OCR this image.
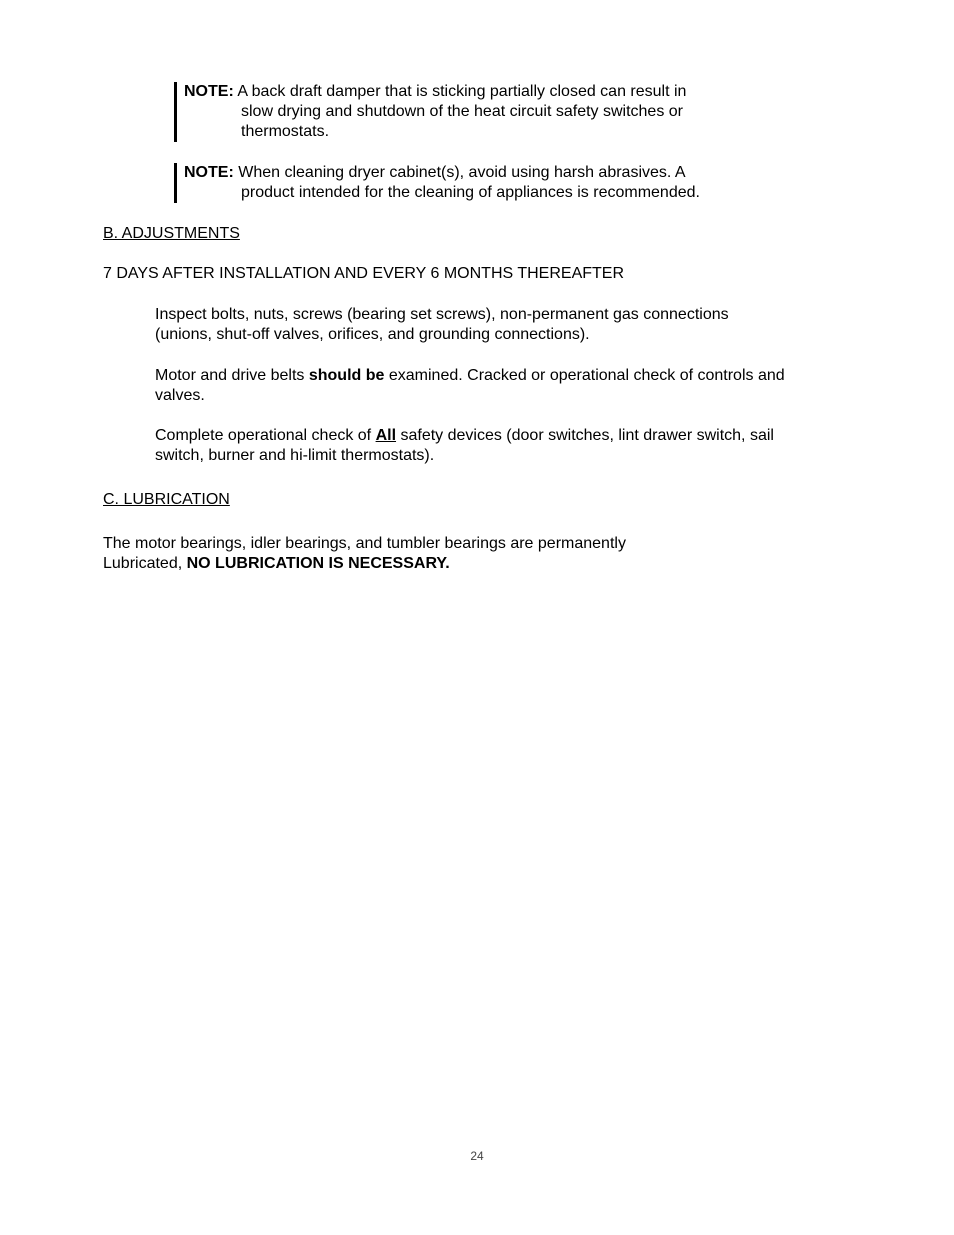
NOTE: A back draft damper that is sticking partially closed can result in
slow drying and shutdown of the heat circuit safety switches or
thermostats.
NOTE: When cleaning dryer cabinet(s), avoid using harsh abrasives. A
product intended for the cleaning of appliances is recommended.
B. ADJUSTMENTS
7 DAYS AFTER INSTALLATION AND EVERY 6 MONTHS THEREAFTER
Inspect bolts, nuts, screws (bearing set screws), non-permanent gas connections
(unions, shut-off valves, orifices, and grounding connections).
Motor and drive belts should be examined. Cracked or operational check of controls and
valves.
Complete operational check of All safety devices (door switches, lint drawer switch, sail
switch, burner and hi-limit thermostats).
C. LUBRICATION
The motor bearings, idler bearings, and tumbler bearings are permanently
Lubricated, NO LUBRICATION IS NECESSARY.
24
